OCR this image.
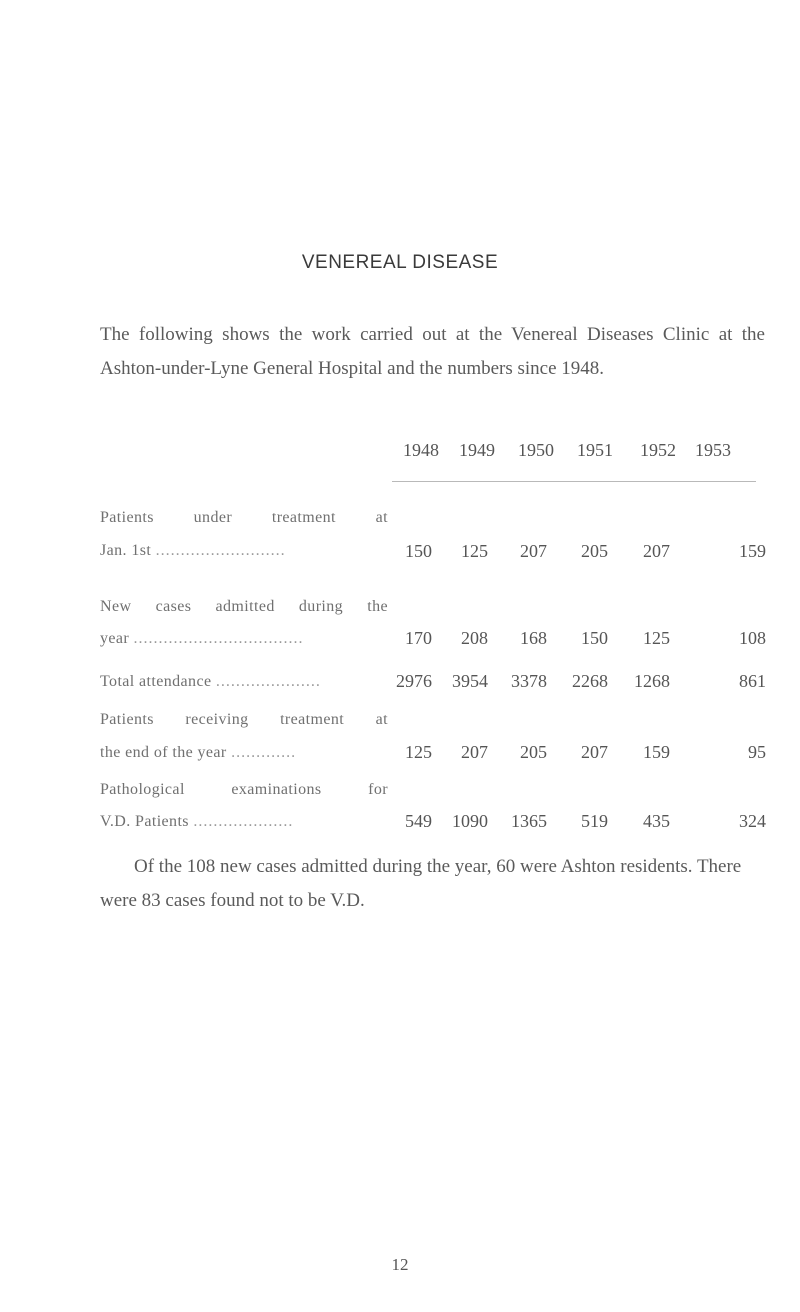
VENEREAL DISEASE

The following shows the work carried out at the Venereal Diseases Clinic at the Ashton-under-Lyne General Hospital and the numbers since 1948.

1948	1949	1950	1951	1952	1953
Patients under treatment at
Jan. 1st ..........................	150	125	207	205	207	159
New cases admitted during the
year ..................................	170	208	168	150	125	108
Total attendance .....................	2976	3954	3378	2268	1268	861
Patients receiving treatment at
the end of the year .............	125	207	205	207	159	95
Pathological examinations for
V.D. Patients ....................	549	1090	1365	519	435	324

Of the 108 new cases admitted during the year, 60 were Ashton residents. There were 83 cases found not to be V.D.

12
